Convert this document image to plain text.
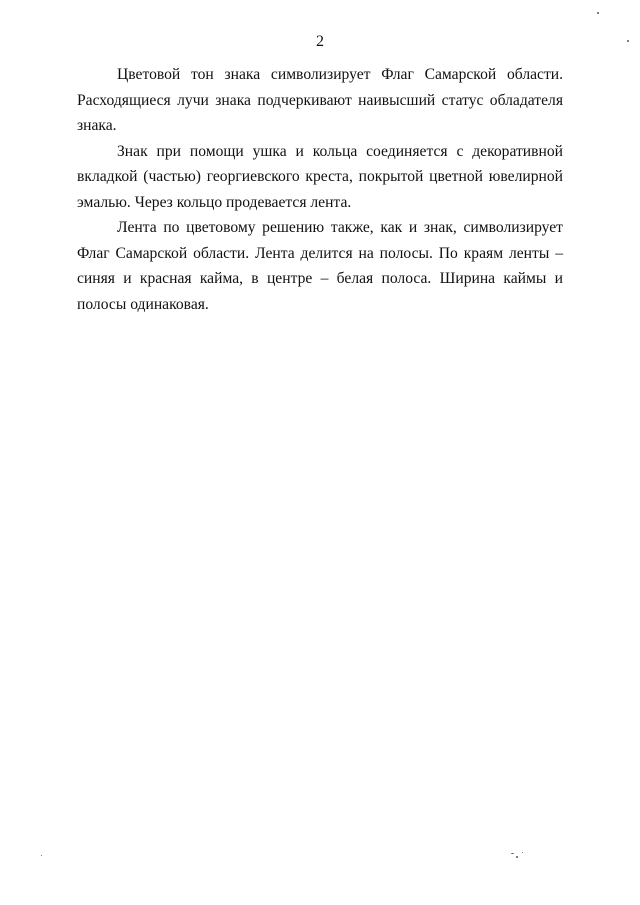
2

Цветовой тон знака символизирует Флаг Самарской области. Расходящиеся лучи знака подчеркивают наивысший статус обладателя знака.

Знак при помощи ушка и кольца соединяется с декоративной вкладкой (частью) георгиевского креста, покрытой цветной ювелирной эмалью. Через кольцо продевается лента.

Лента по цветовому решению также, как и знак, символизирует Флаг Самарской области. Лента делится на полосы. По краям ленты – синяя и красная кайма, в центре – белая полоса. Ширина каймы и полосы одинаковая.
